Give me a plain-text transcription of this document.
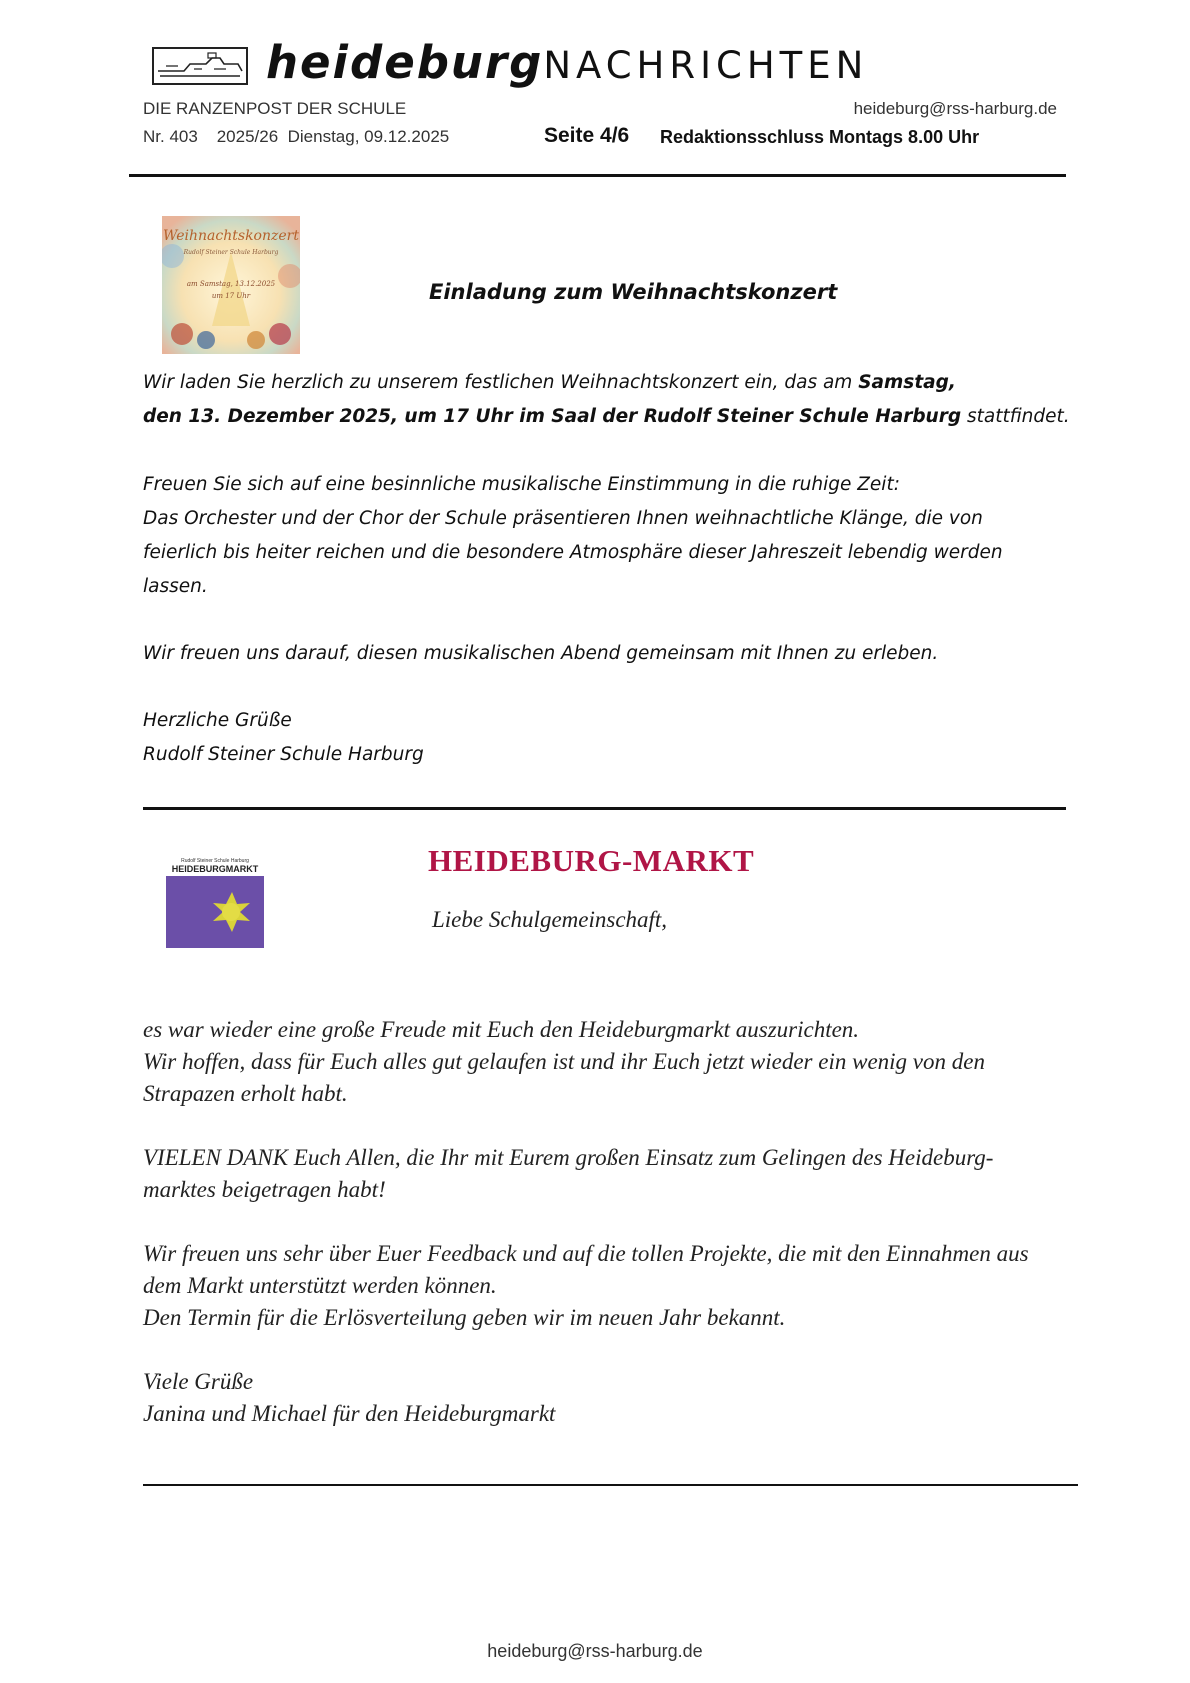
heideburgNACHRICHTEN
DIE RANZENPOST DER SCHULE	heideburg@rss-harburg.de
Nr. 403    2025/26  Dienstag, 09.12.2025	Seite 4/6 Redaktionsschluss Montags 8.00 Uhr
Weihnachtskonzert
Rudolf Steiner Schule Harburg
am Samstag, 13.12.2025
um 17 Uhr	Einladung zum Weihnachtskonzert
Wir laden Sie herzlich zu unserem festlichen Weihnachtskonzert ein, das am Samstag,
den 13. Dezember 2025, um 17 Uhr im Saal der Rudolf Steiner Schule Harburg stattfindet.
Freuen Sie sich auf eine besinnliche musikalische Einstimmung in die ruhige Zeit:
Das Orchester und der Chor der Schule präsentieren Ihnen weihnachtliche Klänge, die von
feierlich bis heiter reichen und die besondere Atmosphäre dieser Jahreszeit lebendig werden
lassen.
Wir freuen uns darauf, diesen musikalischen Abend gemeinsam mit Ihnen zu erleben.
Herzliche Grüße
Rudolf Steiner Schule Harburg
Rudolf Steiner Schule Harburg
HEIDEBURGMARKT	HEIDEBURG-MARKT
Liebe Schulgemeinschaft,
es war wieder eine große Freude mit Euch den Heideburgmarkt auszurichten.
Wir hoffen, dass für Euch alles gut gelaufen ist und ihr Euch jetzt wieder ein wenig von den
Strapazen erholt habt.
VIELEN DANK Euch Allen, die Ihr mit Eurem großen Einsatz zum Gelingen des Heideburg-
marktes beigetragen habt!
Wir freuen uns sehr über Euer Feedback und auf die tollen Projekte, die mit den Einnahmen aus
dem Markt unterstützt werden können.
Den Termin für die Erlösverteilung geben wir im neuen Jahr bekannt.
Viele Grüße
Janina und Michael für den Heideburgmarkt
heideburg@rss-harburg.de
